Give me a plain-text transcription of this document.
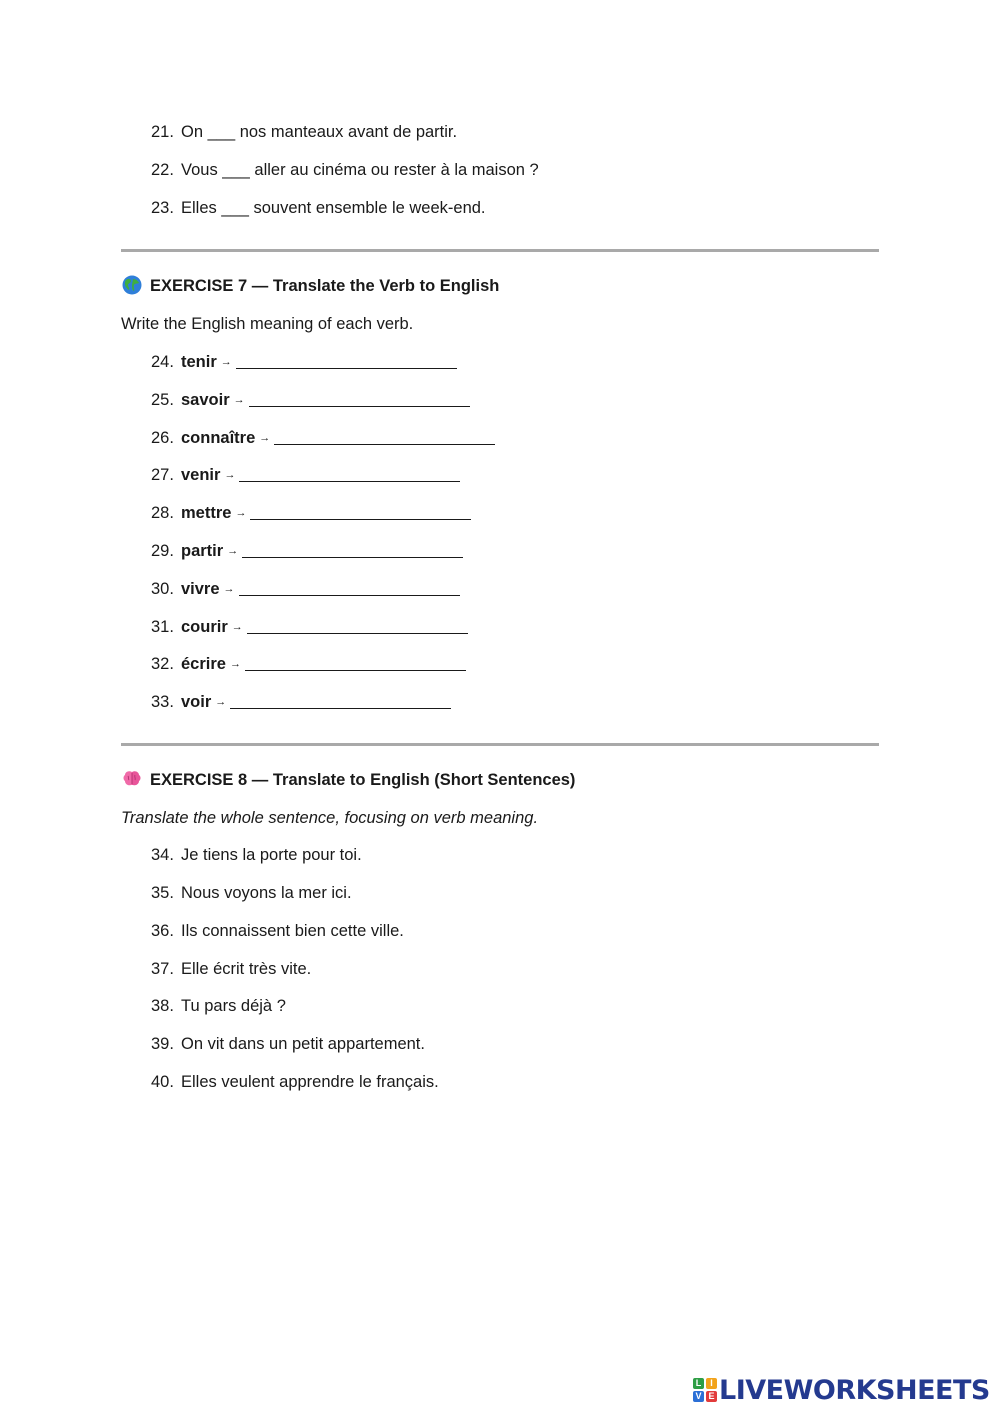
21. On ___ nos manteaux avant de partir.
22. Vous ___ aller au cinéma ou rester à la maison ?
23. Elles ___ souvent ensemble le week-end.
EXERCISE 7 — Translate the Verb to English
Write the English meaning of each verb.
24. tenir →
25. savoir →
26. connaître →
27. venir →
28. mettre →
29. partir →
30. vivre →
31. courir →
32. écrire →
33. voir →
EXERCISE 8 — Translate to English (Short Sentences)
Translate the whole sentence, focusing on verb meaning.
34. Je tiens la porte pour toi.
35. Nous voyons la mer ici.
36. Ils connaissent bien cette ville.
37. Elle écrit très vite.
38. Tu pars déjà ?
39. On vit dans un petit appartement.
40. Elles veulent apprendre le français.
L I
V E LIVEWORKSHEETS
